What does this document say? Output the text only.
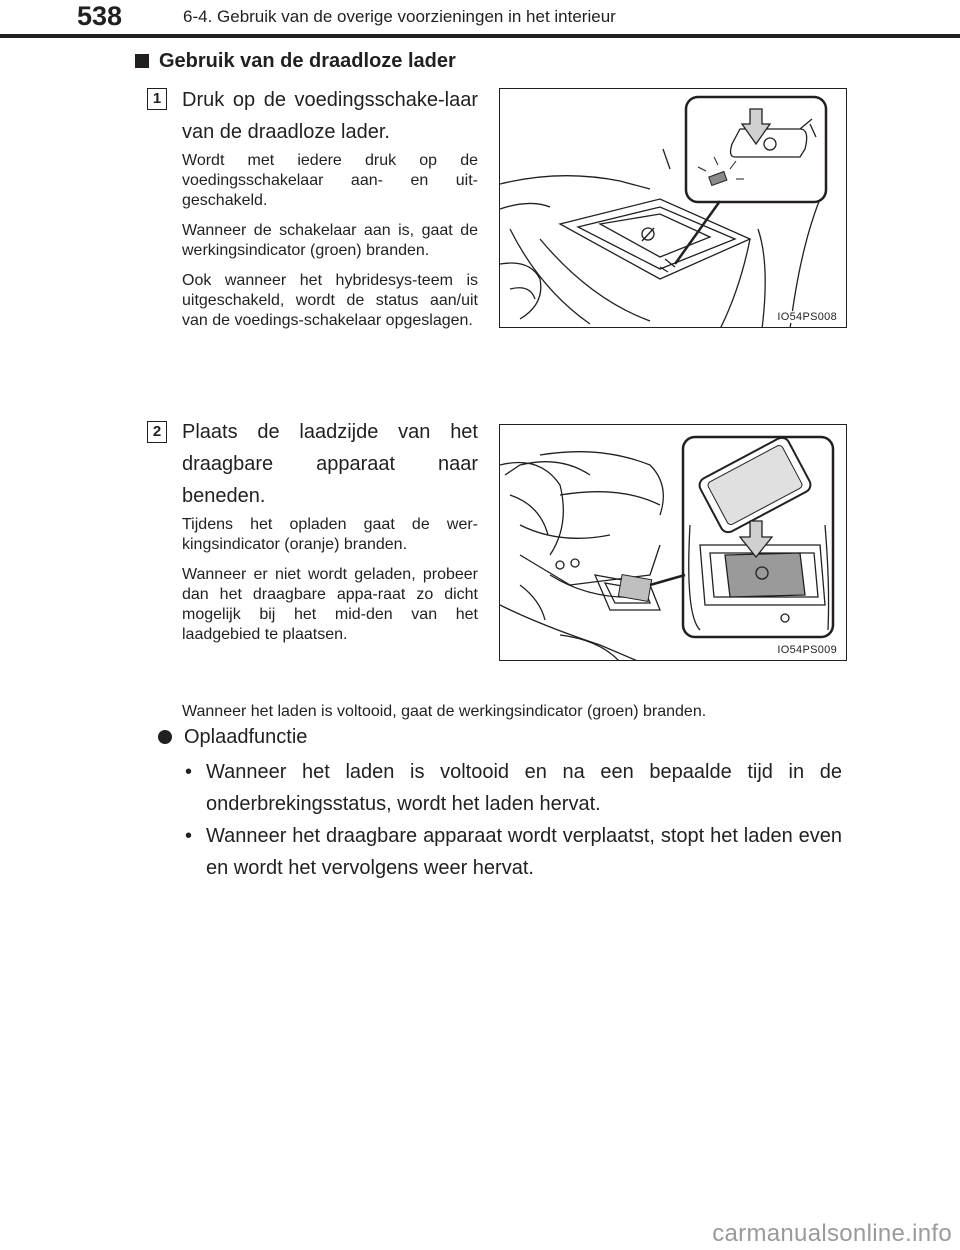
538	6-4. Gebruik van de overige voorzieningen in het interieur
Gebruik van de draadloze lader
1 Druk op de voedingsschake-laar van de draadloze lader.

Wordt met iedere druk op de voedingsschakelaar aan- en uit-geschakeld.

Wanneer de schakelaar aan is, gaat de werkingsindicator (groen) branden.

Ook wanneer het hybridesys-teem is uitgeschakeld, wordt de status aan/uit van de voedings-schakelaar opgeslagen.	IO54PS008
2 Plaats de laadzijde van het draagbare apparaat naar beneden.

Tijdens het opladen gaat de wer-kingsindicator (oranje) branden.

Wanneer er niet wordt geladen, probeer dan het draagbare appa-raat zo dicht mogelijk bij het mid-den van het laadgebied te plaatsen.

IO54PS009
Wanneer het laden is voltooid, gaat de werkingsindicator (groen) branden.
Oplaadfunctie
• Wanneer het laden is voltooid en na een bepaalde tijd in de onderbrekingsstatus, wordt het laden hervat.
• Wanneer het draagbare apparaat wordt verplaatst, stopt het laden even en wordt het vervolgens weer hervat.
carmanualsonline.info
